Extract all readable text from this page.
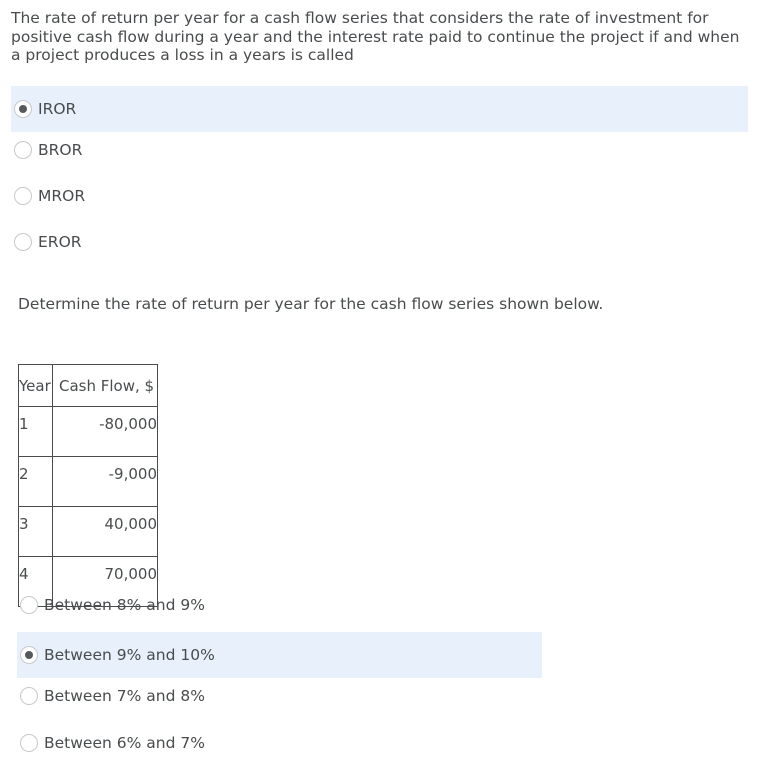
The rate of return per year for a cash flow series that considers the rate of investment for positive cash flow during a year and the interest rate paid to continue the project if and when a project produces a loss in a years is called
IROR
BROR
MROR
EROR
Determine the rate of return per year for the cash flow series shown below.
Year	Cash Flow, $
1	-80,000
2	-9,000
3	40,000
4	70,000
Between 8% and 9%
Between 9% and 10%
Between 7% and 8%
Between 6% and 7%
